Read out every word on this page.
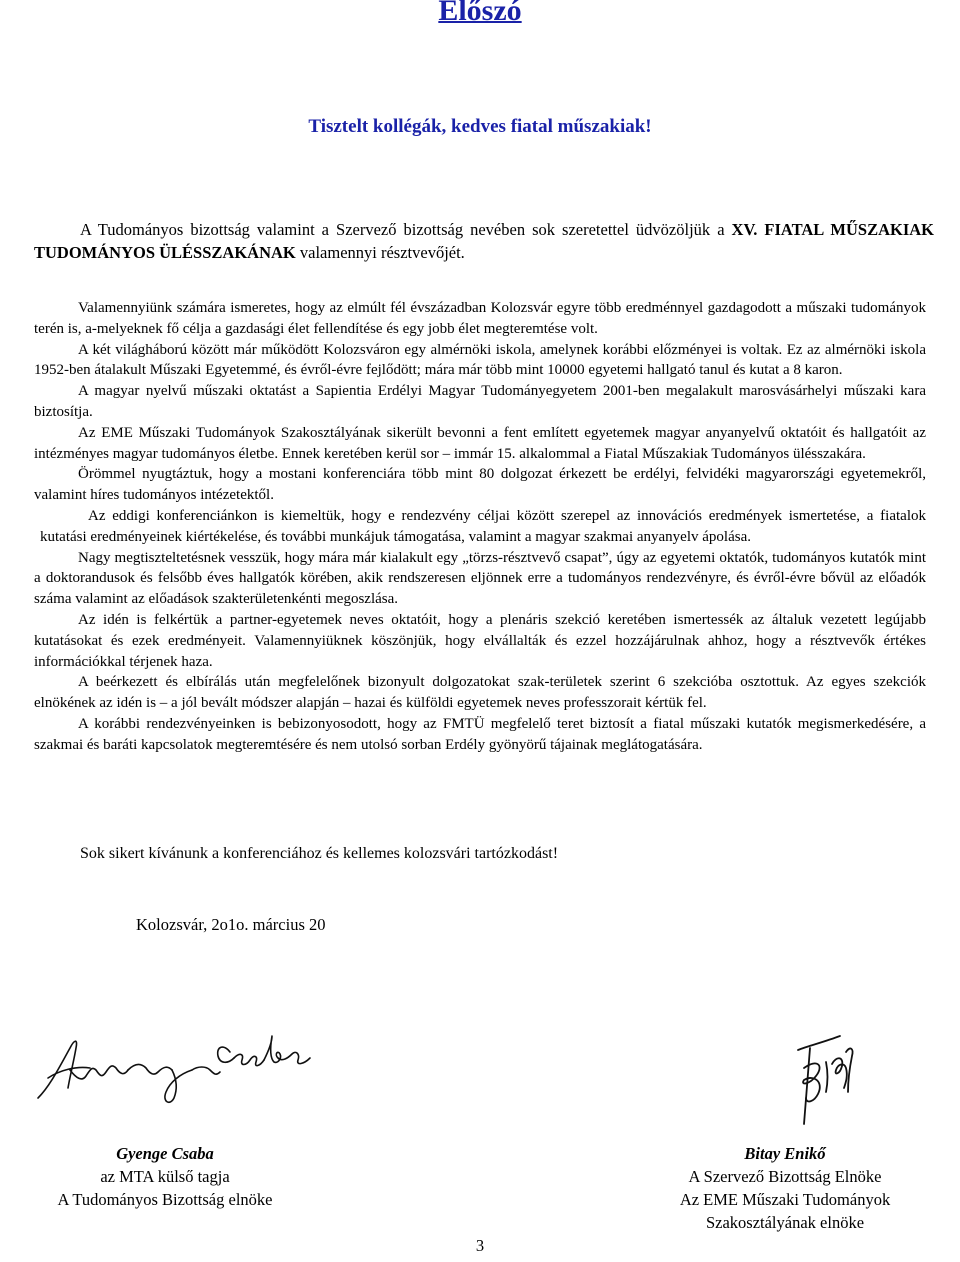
Előszó
Tisztelt kollégák, kedves fiatal műszakiak!
A Tudományos bizottság valamint a Szervező bizottság nevében sok szeretettel üdvözöljük a XV. FIATAL MŰSZAKIAK TUDOMÁNYOS ÜLÉSSZAKÁNAK valamennyi résztvevőjét.

Valamennyiünk számára ismeretes, hogy az elmúlt fél évszázadban Kolozsvár egyre több eredménnyel gazdagodott a műszaki tudományok terén is, a-melyeknek fő célja a gazdasági élet fellendítése és egy jobb élet megteremtése volt.

A két világháború között már működött Kolozsváron egy almérnöki iskola, amelynek korábbi előzményei is voltak. Ez az almérnöki iskola 1952-ben átalakult Műszaki Egyetemmé, és évről-évre fejlődött; mára már több mint 10000 egyetemi hallgató tanul és kutat a 8 karon.

A magyar nyelvű műszaki oktatást a Sapientia Erdélyi Magyar Tudományegyetem 2001-ben megalakult marosvásárhelyi műszaki kara biztosítja.

Az EME Műszaki Tudományok Szakosztályának sikerült bevonni a fent említett egyetemek magyar anyanyelvű oktatóit és hallgatóit az intézményes magyar tudományos életbe. Ennek keretében kerül sor – immár 15. alkalommal a Fiatal Műszakiak Tudományos ülésszakára.

Örömmel nyugtáztuk, hogy a mostani konferenciára több mint 80 dolgozat érkezett be erdélyi, felvidéki magyarországi egyetemekről, valamint híres tudományos intézetektől.

Az eddigi konferenciánkon is kiemeltük, hogy e rendezvény céljai között szerepel az innovációs eredmények ismertetése, a fiatalok kutatási eredményeinek kiértékelése, és további munkájuk támogatása, valamint a magyar szakmai anyanyelv ápolása.

Nagy megtiszteltetésnek vesszük, hogy mára már kialakult egy „törzs-résztvevő csapat”, úgy az egyetemi oktatók, tudományos kutatók mint a doktorandusok és felsőbb éves hallgatók körében, akik rendszeresen eljönnek erre a tudományos rendezvényre, és évről-évre bővül az előadók száma valamint az előadások szakterületenkénti megoszlása.

Az idén is felkértük a partner-egyetemek neves oktatóit, hogy a plenáris szekció keretében ismertessék az általuk vezetett legújabb kutatásokat és ezek eredményeit. Valamennyiüknek köszönjük, hogy elvállalták és ezzel hozzájárulnak ahhoz, hogy a résztvevők értékes információkkal térjenek haza.

A beérkezett és elbírálás után megfelelőnek bizonyult dolgozatokat szak-területek szerint 6 szekcióba osztottuk. Az egyes szekciók elnökének az idén is – a jól bevált módszer alapján – hazai és külföldi egyetemek neves professzorait kértük fel.

A korábbi rendezvényeinken is bebizonyosodott, hogy az FMTÜ megfelelő teret biztosít a fiatal műszaki kutatók megismerkedésére, a szakmai és baráti kapcsolatok megteremtésére és nem utolsó sorban Erdély gyönyörű tájainak meglátogatására.

Sok sikert kívánunk a konferenciához és kellemes kolozsvári tartózkodást!
Kolozsvár, 2o1o. március 20
Gyenge Csaba
az MTA külső tagja
A Tudományos Bizottság elnöke
Bitay Enikő
A Szervező Bizottság Elnöke
Az EME Műszaki Tudományok
Szakosztályának elnöke
3
